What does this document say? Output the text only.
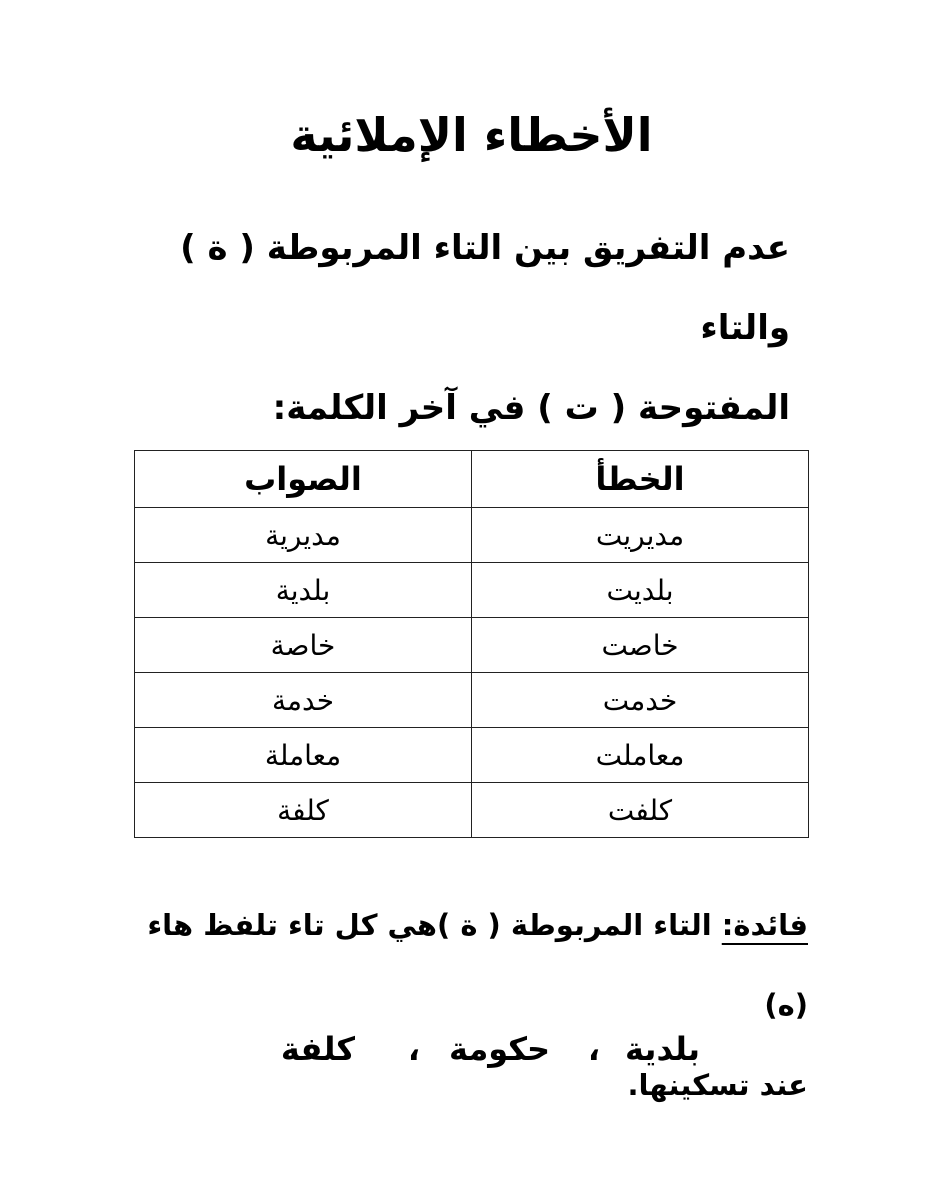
الأخطاء الإملائية
عدم التفريق بين التاء المربوطة ( ة ) والتاء
المفتوحة ( ت ) في آخر الكلمة:
الخطأ	الصواب
مديريت	مديرية
بلديت	بلدية
خاصت	خاصة
خدمت	خدمة
معاملت	معاملة
كلفت	كلفة
فائدة: التاء المربوطة ( ة )هي كل تاء تلفظ هاء (ه)
عند تسكينها.
بلدية
،
حكومة
،
كلفة
